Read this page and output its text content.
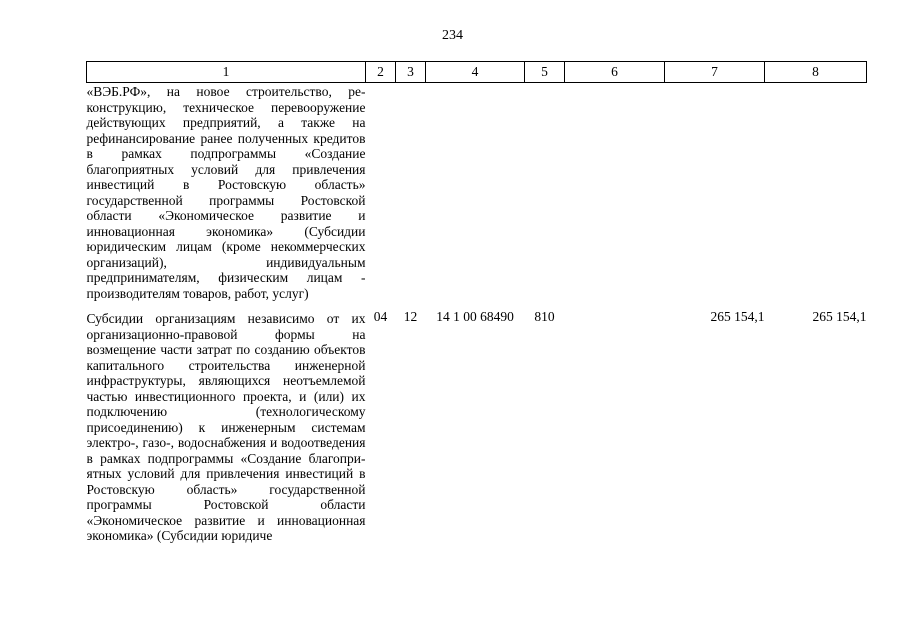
234
1	2	3	4	5	6	7	8
«ВЭБ.РФ», на новое строительство, реконструкцию, техническое перевооружение действующих предприятий, а также на рефинансирование ранее полученных кредитов в рамках подпрограммы «Создание благоприятных условий для привлечения инвестиций в Ростовскую область» государственной программы Ростовской области «Экономическое развитие и инновационная экономика» (Субсидии юридическим лицам (кроме некоммерческих организаций), индивидуальным предпринимателям, физическим лицам - производителям товаров, работ, услуг)							

Субсидии организациям независимо от их организационно-правовой формы на возмещение части затрат по созданию объектов капитального строительства инженерной инфраструктуры, являющихся неотъемлемой частью инвестиционного проекта, и (или) их подключению (технологическому присоединению) к инженерным системам электро-, газо-, водоснабжения и водоотведения в рамках подпрограммы «Создание благоприятных условий для привлечения инвестиций в Ростовскую область» государственной программы Ростовской области «Экономическое развитие и инновационная экономика» (Субсидии юридиче	04	12	14 1 00 68490	810		265 154,1	265 154,1
